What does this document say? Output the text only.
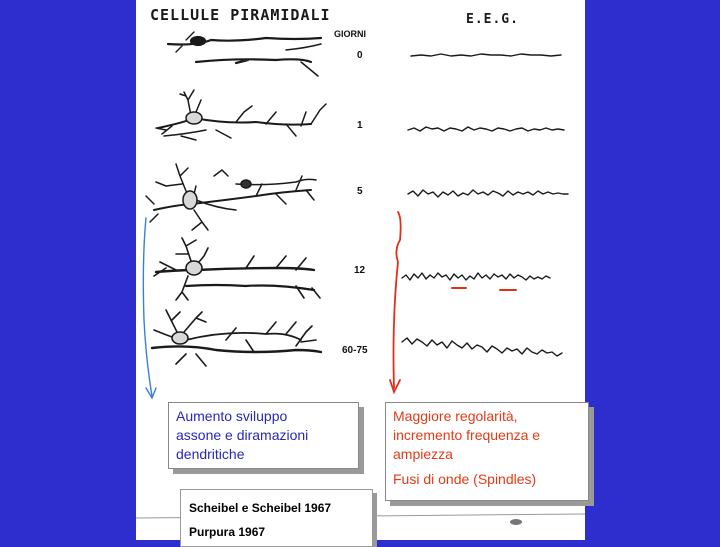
CELLULE PIRAMIDALI	E.E.G.
GIORNI
0
1
5
12
60-75
Aumento sviluppo
assone e diramazioni
dendritiche
Maggiore regolarità,
incremento frequenza e
ampiezza
Fusi di onde (Spindles)
Scheibel e Scheibel 1967
Purpura 1967
